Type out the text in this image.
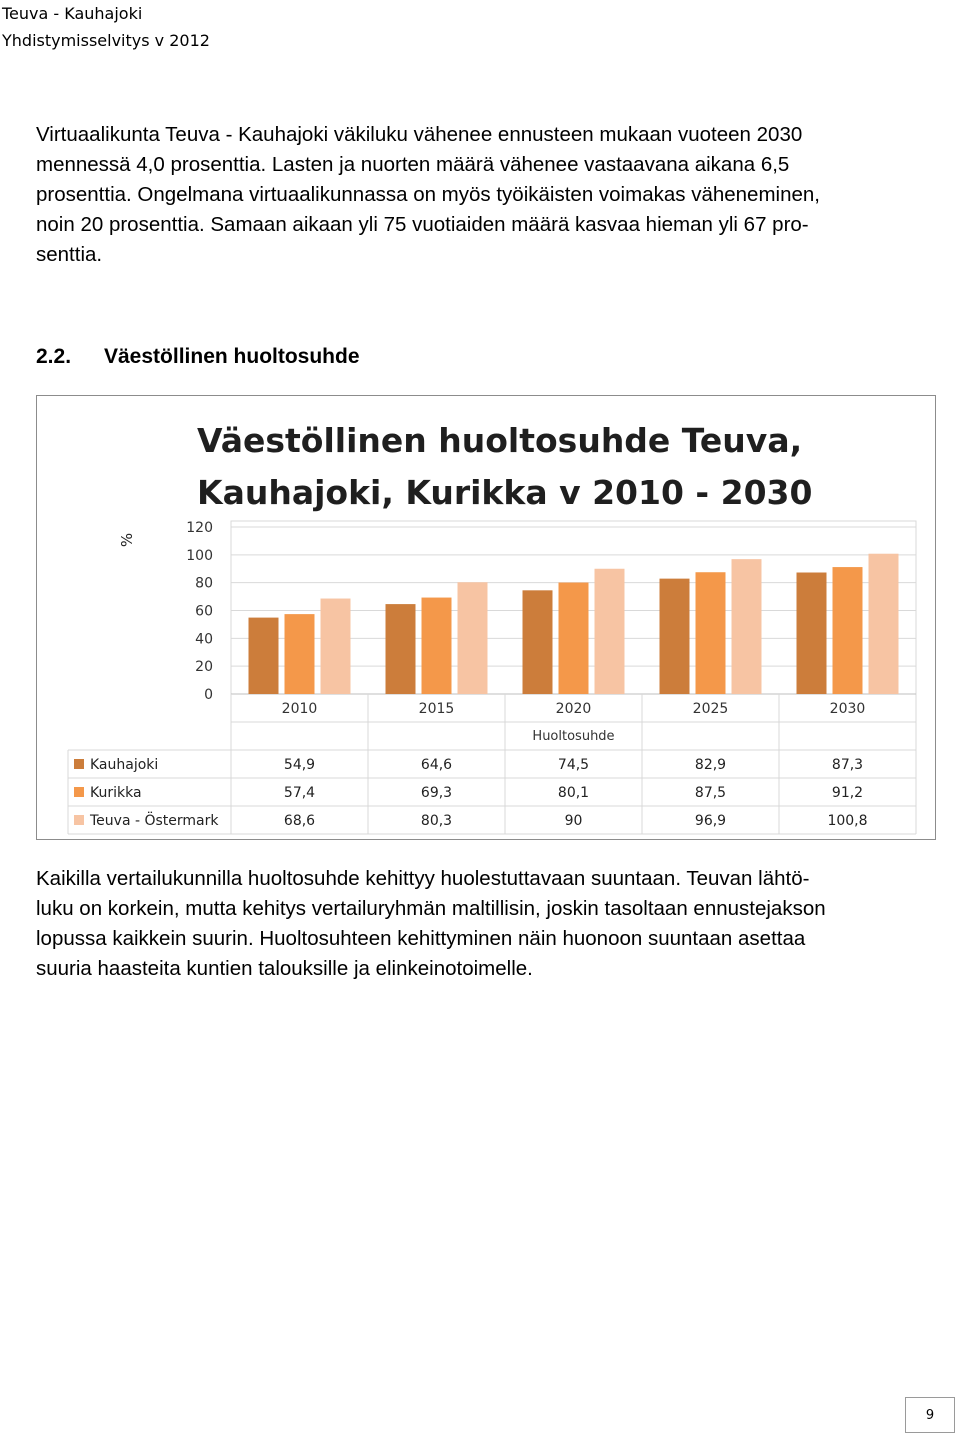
Teuva - Kauhajoki
Yhdistymisselvitys v 2012
Virtuaalikunta Teuva - Kauhajoki väkiluku vähenee ennusteen mukaan vuoteen 2030
mennessä 4,0 prosenttia. Lasten ja nuorten määrä vähenee vastaavana aikana 6,5
prosenttia. Ongelmana virtuaalikunnassa on myös työikäisten voimakas väheneminen,
noin 20 prosenttia. Samaan aikaan yli 75 vuotiaiden määrä kasvaa hieman yli 67 pro-
senttia.
2.2. Väestöllinen huoltosuhde
Väestöllinen huoltosuhde Teuva,
Kauhajoki, Kurikka v 2010 - 2030
%
120
100
80
60
40
20
0
2010	2015	2020	2025	2030
Huoltosuhde
Kauhajoki	54,9	64,6	74,5	82,9	87,3
Kurikka	57,4	69,3	80,1	87,5	91,2
Teuva - Östermark	68,6	80,3	90	96,9	100,8
Kaikilla vertailukunnilla huoltosuhde kehittyy huolestuttavaan suuntaan. Teuvan lähtö-
luku on korkein, mutta kehitys vertailuryhmän maltillisin, joskin tasoltaan ennustejakson
lopussa kaikkein suurin. Huoltosuhteen kehittyminen näin huonoon suuntaan asettaa
suuria haasteita kuntien talouksille ja elinkeinotoimelle.
9
